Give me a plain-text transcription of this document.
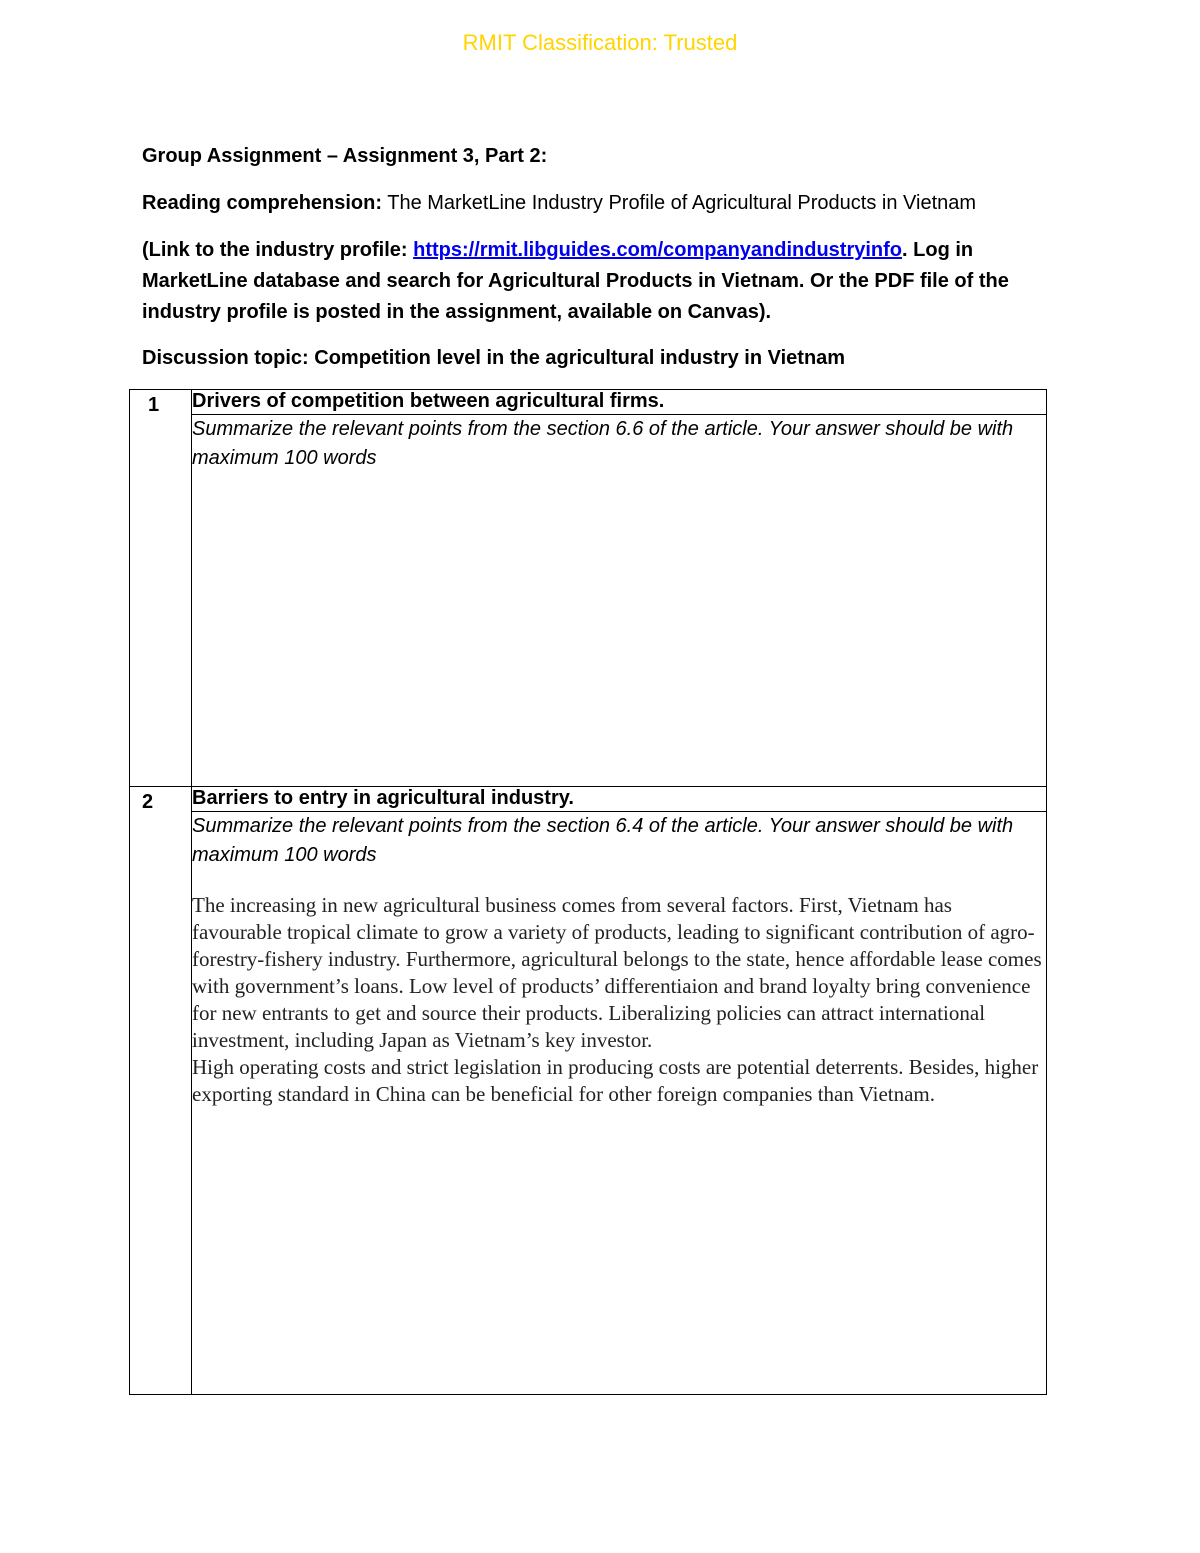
RMIT Classification: Trusted
Group Assignment – Assignment 3, Part 2:
Reading comprehension: The MarketLine Industry Profile of Agricultural Products in Vietnam
(Link to the industry profile: https://rmit.libguides.com/companyandindustryinfo. Log in MarketLine database and search for Agricultural Products in Vietnam. Or the PDF file of the industry profile is posted in the assignment, available on Canvas).
Discussion topic: Competition level in the agricultural industry in Vietnam
1	Drivers of competition between agricultural firms.

	Summarize the relevant points from the section 6.6 of the article. Your answer should be with maximum 100 words

2	Barriers to entry in agricultural industry.

	Summarize the relevant points from the section 6.4 of the article. Your answer should be with maximum 100 words

The increasing in new agricultural business comes from several factors. First, Vietnam has favourable tropical climate to grow a variety of products, leading to significant contribution of agro-forestry-fishery industry. Furthermore, agricultural belongs to the state, hence affordable lease comes with government’s loans. Low level of products’ differentiaion and brand loyalty bring convenience for new entrants to get and source their products. Liberalizing policies can attract international investment, including Japan as Vietnam’s key investor.

High operating costs and strict legislation in producing costs are potential deterrents. Besides, higher exporting standard in China can be beneficial for other foreign companies than Vietnam.
